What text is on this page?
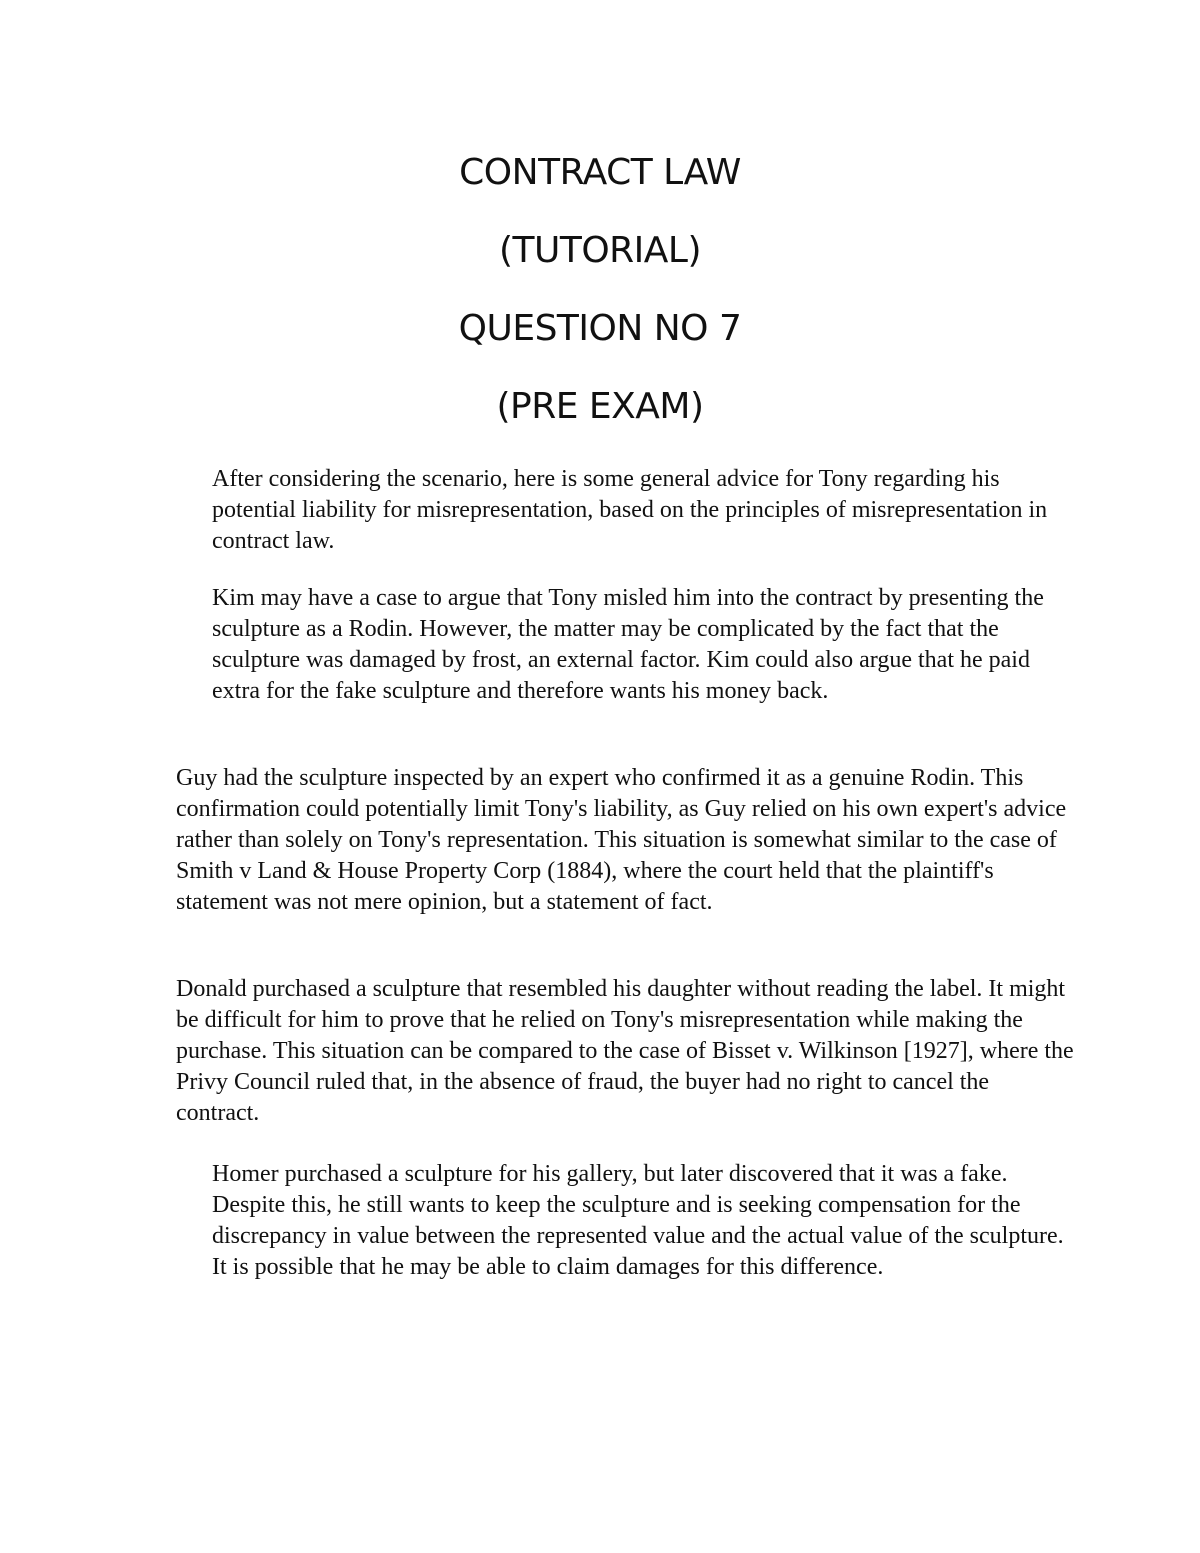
CONTRACT LAW
(TUTORIAL)
QUESTION NO 7
(PRE EXAM)

After considering the scenario, here is some general advice for Tony regarding his potential liability for misrepresentation, based on the principles of misrepresentation in contract law.

Kim may have a case to argue that Tony misled him into the contract by presenting the sculpture as a Rodin. However, the matter may be complicated by the fact that the sculpture was damaged by frost, an external factor. Kim could also argue that he paid extra for the fake sculpture and therefore wants his money back.

Guy had the sculpture inspected by an expert who confirmed it as a genuine Rodin. This confirmation could potentially limit Tony's liability, as Guy relied on his own expert's advice rather than solely on Tony's representation. This situation is somewhat similar to the case of Smith v Land & House Property Corp (1884), where the court held that the plaintiff's statement was not mere opinion, but a statement of fact.

Donald purchased a sculpture that resembled his daughter without reading the label. It might be difficult for him to prove that he relied on Tony's misrepresentation while making the purchase. This situation can be compared to the case of Bisset v. Wilkinson [1927], where the Privy Council ruled that, in the absence of fraud, the buyer had no right to cancel the contract.

Homer purchased a sculpture for his gallery, but later discovered that it was a fake. Despite this, he still wants to keep the sculpture and is seeking compensation for the discrepancy in value between the represented value and the actual value of the sculpture. It is possible that he may be able to claim damages for this difference.
